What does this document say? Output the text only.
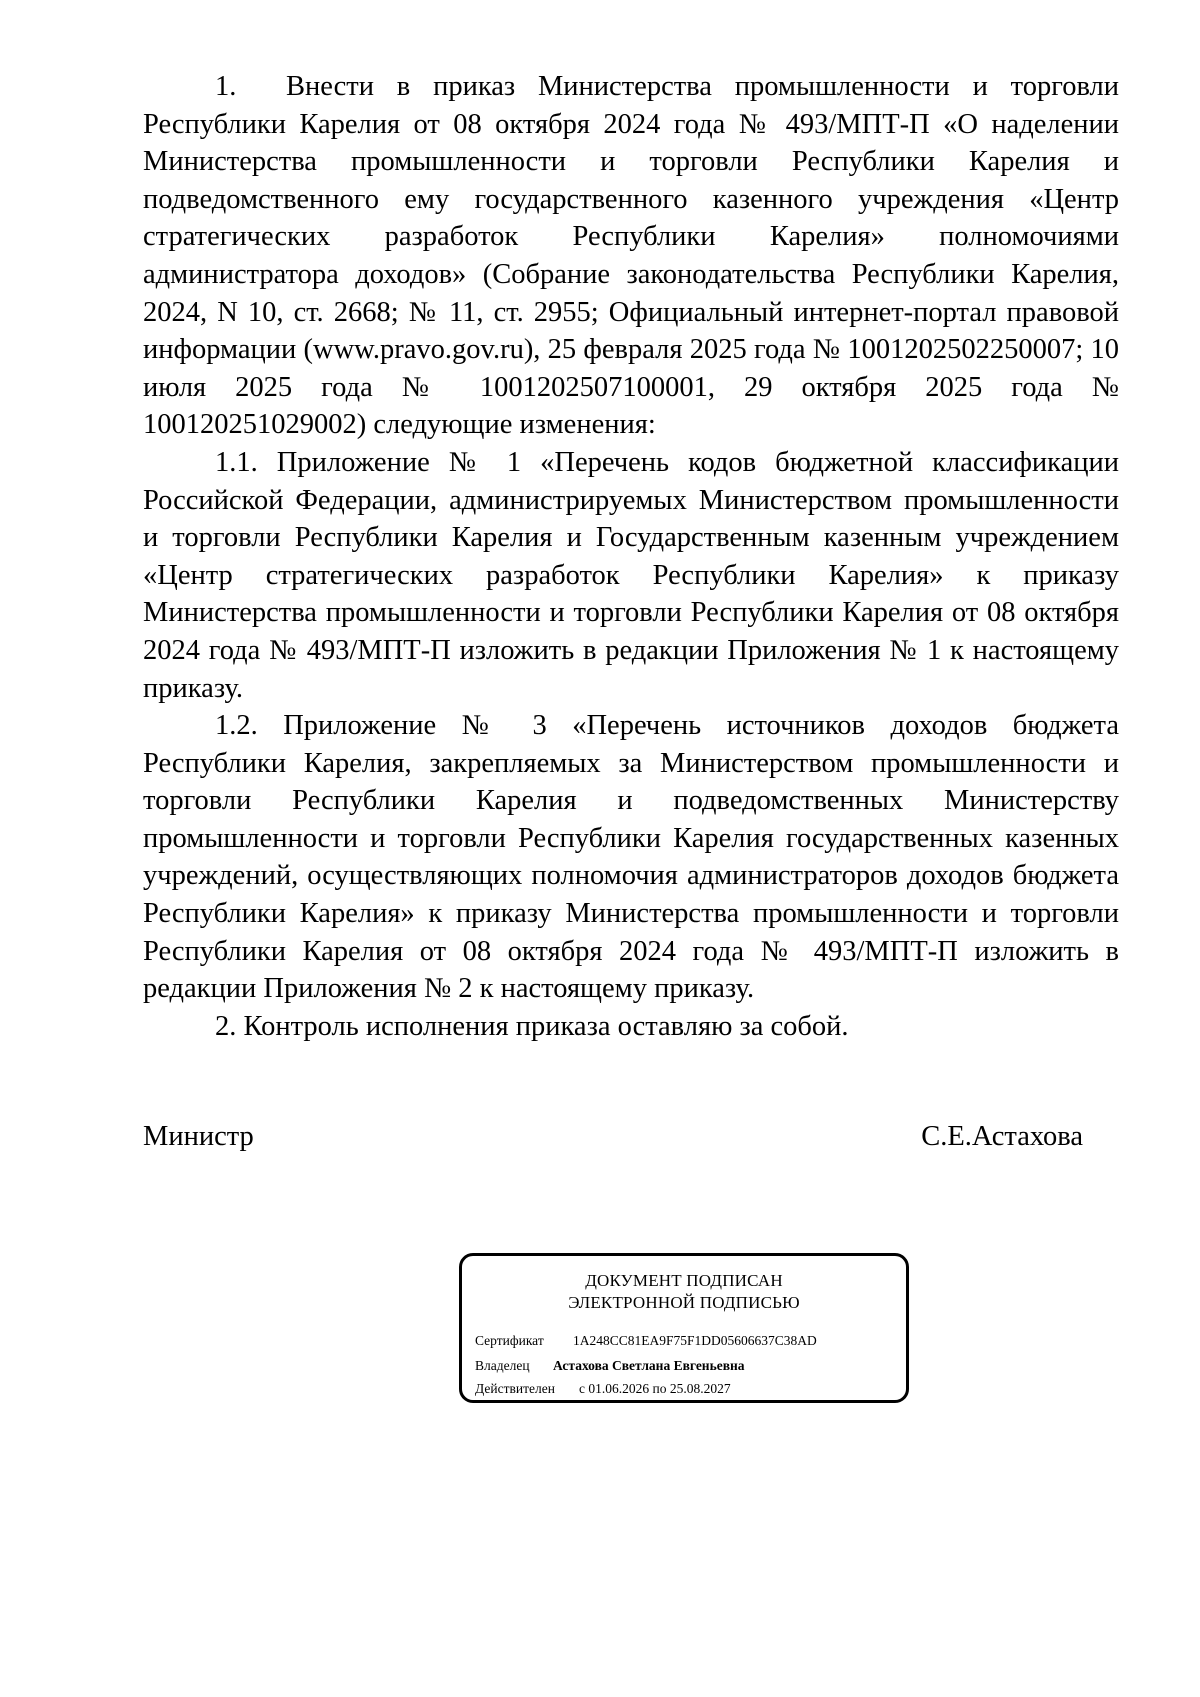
1. Внести в приказ Министерства промышленности и торговли Республики Карелия от 08 октября 2024 года № 493/МПТ-П «О наделении Министерства промышленности и торговли Республики Карелия и подведомственного ему государственного казенного учреждения «Центр стратегических разработок Республики Карелия» полномочиями администратора доходов» (Собрание законодательства Республики Карелия, 2024, N 10, ст. 2668; № 11, ст. 2955; Официальный интернет-портал правовой информации (www.pravo.gov.ru), 25 февраля 2025 года № 1001202502250007; 10 июля 2025 года № 1001202507100001, 29 октября 2025 года № 100120251029002) следующие изменения:

1.1. Приложение № 1 «Перечень кодов бюджетной классификации Российской Федерации, администрируемых Министерством промышленности и торговли Республики Карелия и Государственным казенным учреждением «Центр стратегических разработок Республики Карелия» к приказу Министерства промышленности и торговли Республики Карелия от 08 октября 2024 года № 493/МПТ-П изложить в редакции Приложения № 1 к настоящему приказу.

1.2. Приложение № 3 «Перечень источников доходов бюджета Республики Карелия, закрепляемых за Министерством промышленности и торговли Республики Карелия и подведомственных Министерству промышленности и торговли Республики Карелия государственных казенных учреждений, осуществляющих полномочия администраторов доходов бюджета Республики Карелия» к приказу Министерства промышленности и торговли Республики Карелия от 08 октября 2024 года № 493/МПТ-П изложить в редакции Приложения № 2 к настоящему приказу.

2. Контроль исполнения приказа оставляю за собой.

Министр	С.Е.Астахова
ДОКУМЕНТ ПОДПИСАН
ЭЛЕКТРОННОЙ ПОДПИСЬЮ
Сертификат 1A248CC81EA9F75F1DD05606637C38AD
Владелец Астахова Светлана Евгеньевна
Действителен с 01.06.2026 по 25.08.2027
